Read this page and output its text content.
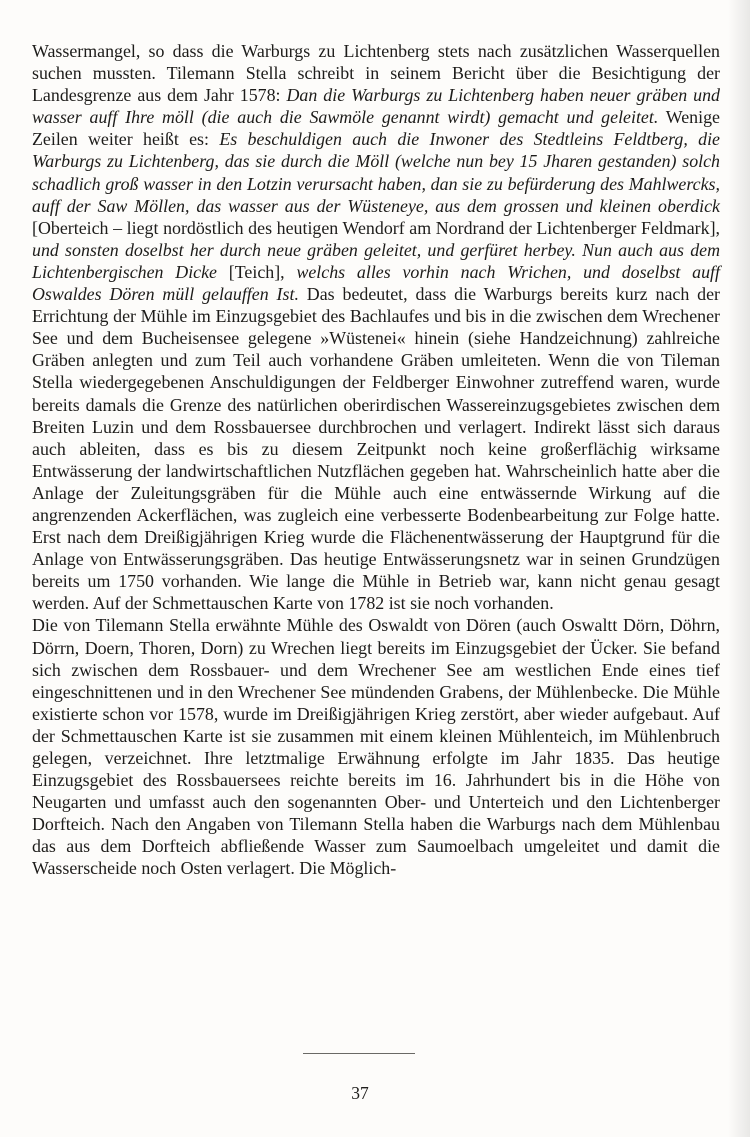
Wassermangel, so dass die Warburgs zu Lichtenberg stets nach zusätzlichen Wasserquellen suchen mussten. Tilemann Stella schreibt in seinem Bericht über die Besichtigung der Landesgrenze aus dem Jahr 1578: Dan die Warburgs zu Lichtenberg haben neuer gräben und wasser auff Ihre möll (die auch die Sawmöle genannt wirdt) gemacht und geleitet. Wenige Zeilen weiter heißt es: Es beschuldigen auch die Inwoner des Stedtleins Feldtberg, die Warburgs zu Lichtenberg, das sie durch die Möll (welche nun bey 15 Jharen gestanden) solch schadlich groß wasser in den Lotzin verursacht haben, dan sie zu befürderung des Mahlwercks, auff der Saw Möllen, das wasser aus der Wüsteneye, aus dem grossen und kleinen oberdick [Oberteich – liegt nordöstlich des heutigen Wendorf am Nordrand der Lichtenberger Feldmark], und sonsten doselbst her durch neue gräben geleitet, und gerfüret herbey. Nun auch aus dem Lichtenbergischen Dicke [Teich], welchs alles vorhin nach Wrichen, und doselbst auff Oswaldes Dören müll gelauffen Ist. Das bedeutet, dass die Warburgs bereits kurz nach der Errichtung der Mühle im Einzugsgebiet des Bachlaufes und bis in die zwischen dem Wrechener See und dem Bucheisensee gelegene »Wüstenei« hinein (siehe Handzeichnung) zahlreiche Gräben anlegten und zum Teil auch vorhandene Gräben umleiteten. Wenn die von Tileman Stella wiedergegebenen Anschuldigungen der Feldberger Einwohner zutreffend waren, wurde bereits damals die Grenze des natürlichen oberirdischen Wassereinzugsgebietes zwischen dem Breiten Luzin und dem Rossbauersee durchbrochen und verlagert. Indirekt lässt sich daraus auch ableiten, dass es bis zu diesem Zeitpunkt noch keine großerflächig wirksame Entwässerung der landwirtschaftlichen Nutzflächen gegeben hat. Wahrscheinlich hatte aber die Anlage der Zuleitungsgräben für die Mühle auch eine entwässernde Wirkung auf die angrenzenden Ackerflächen, was zugleich eine verbesserte Bodenbearbeitung zur Folge hatte. Erst nach dem Dreißigjährigen Krieg wurde die Flächenentwässerung der Hauptgrund für die Anlage von Entwässerungsgräben. Das heutige Entwässerungsnetz war in seinen Grundzügen bereits um 1750 vorhanden. Wie lange die Mühle in Betrieb war, kann nicht genau gesagt werden. Auf der Schmettauschen Karte von 1782 ist sie noch vorhanden.

Die von Tilemann Stella erwähnte Mühle des Oswaldt von Dören (auch Oswaltt Dörn, Döhrn, Dörrn, Doern, Thoren, Dorn) zu Wrechen liegt bereits im Einzugsgebiet der Ücker. Sie befand sich zwischen dem Rossbauer- und dem Wrechener See am westlichen Ende eines tief eingeschnittenen und in den Wrechener See mündenden Grabens, der Mühlenbecke. Die Mühle existierte schon vor 1578, wurde im Dreißigjährigen Krieg zerstört, aber wieder aufgebaut. Auf der Schmettauschen Karte ist sie zusammen mit einem kleinen Mühlenteich, im Mühlenbruch gelegen, verzeichnet. Ihre letztmalige Erwähnung erfolgte im Jahr 1835. Das heutige Einzugsgebiet des Rossbauersees reichte bereits im 16. Jahrhundert bis in die Höhe von Neugarten und umfasst auch den sogenannten Ober- und Unterteich und den Lichtenberger Dorfteich. Nach den Angaben von Tilemann Stella haben die Warburgs nach dem Mühlenbau das aus dem Dorfteich abfließende Wasser zum Saumoelbach umgeleitet und damit die Wasserscheide noch Osten verlagert. Die Möglich-

37
